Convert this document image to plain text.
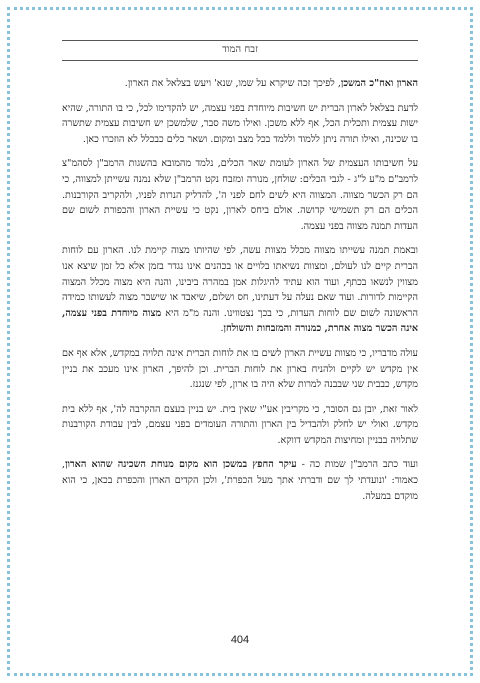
זבח המוד

הארון ואח"כ המשכן, לפיכך זכה שיקרא על שמו, שנא' ויעש בצלאל את הארון.

לדעת בצלאל לארון הברית יש חשיבות מיוחדת בפני עצמה, יש להקדימו לכל, כי בו התורה, שהיא ישות עצמית ותכלית הכל, אף ללא משכן. ואילו משה סבר, שלמשכן יש חשיבות עצמית שתשרה בו שכינה, ואילו תורה ניתן ללמוד וללמד בכל מצב ומקום. ושאר כלים כבכלל לא הוזכרו כאן.

על חשיבותו העצמית של הארון לעומת שאר הכלים, נלמד מהמובא בהשגות הרמב"ן לסהמ"צ לרמב"ם מ"ע ל"ג - לגבי הכלים: שולחן, מנורה ומזבח נקט הרמב"ן שלא נמנה עשייתן למצווה, כי הם רק הכשר מצווה. המצווה היא לשים לחם לפני ה', להדליק הנרות לפניו, ולהקריב הקורבנות. הכלים הם רק תשמישי קדושה. אולם ביחס לארון, נקט כי עשיית הארון והכפורת לשום שם העדות תמנה מצווה בפני עצמה.

ובאמת תמנה עשייתו מצווה מכלל מצוות עשה, לפי שהיותו מצוה קיימת לנו. הארון עם לוחות הברית קיים לנו לעולם, ומצוות נשיאתו בלויים או בכהנים אינו נגדר בזמן אלא כל זמן שיצא אנו מצווין לנשאו בכתף, ועוד הוא עתיד להיגלות אמן במהרה ביבינו, והנה היא מצוה מכלל המצוה הקיימות לדורות. ועוד שאם נעלה על דעתינו, חס ושלום, שיאבד או שישבר מצוה לעשותו כמידה הראשונה לשום שם לוחות העדות, כי בכך נצטווינו. והנה מ"מ היא מצוה מיוחדת בפני עצמה, אינה הכשר מצוה אחרת, כמנורה והמזבחות והשולחן.

עולה מדבריו, כי מצוות עשיית הארון לשים בו את לוחות הברית אינה תלויה במקדש, אלא אף אם אין מקדש יש לקיים ולהניח בארון את לוחות הברית. וכן להיפך, הארון אינו מעכב את בניין מקדש, כבבית שני שבבנה למרות שלא היה בו ארון, לפי שנגנז.

לאור זאת, יובן גם הסובר, כי מקריבין אע"י שאין בית. יש בניין בעצם ההקרבה לה', אף ללא בית מקדש. ואולי יש לחלק ולהבדיל בין הארון והתורה העומדים בפני עצמם, לבין עבודת הקורבנות שתלויה בבניין ומחיצות המקדש דווקא.

ועוד כתב הרמב"ן שמות כה - עיקר החפץ במשכן הוא מקום מנוחת השכינה שהוא הארון, כאמור: 'ונועדתי לך שם ודברתי אתך מעל הכפרת', ולכן הקדים הארון והכפרת בכאן, כי הוא מוקדם במעלה.

404
